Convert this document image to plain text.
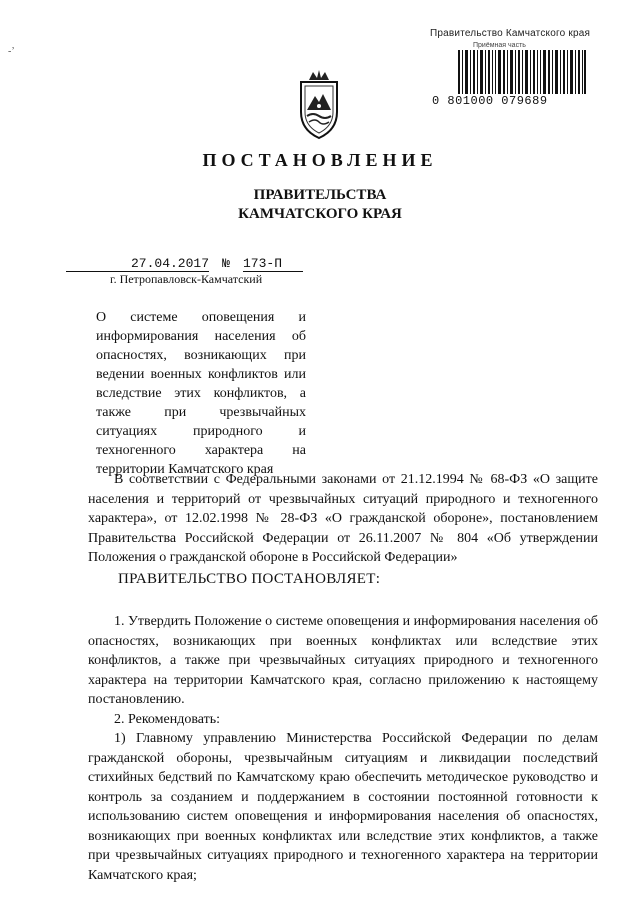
-’
Правительство Камчатского края
Приёмная часть
0 801000 079689
ПОСТАНОВЛЕНИЕ
ПРАВИТЕЛЬСТВА
КАМЧАТСКОГО КРАЯ
27.04.2017 № 173-П
г. Петропавловск-Камчатский
О системе оповещения и информирования населения об опасностях, возникающих при ведении военных конфликтов или вследствие этих конфликтов, а также при чрезвычайных ситуациях природного и техногенного характера на территории Камчатского края

В соответствии с Федеральными законами от 21.12.1994 № 68-ФЗ «О защите населения и территорий от чрезвычайных ситуаций природного и техногенного характера», от 12.02.1998 № 28-ФЗ «О гражданской обороне», постановлением Правительства Российской Федерации от 26.11.2007 № 804 «Об утверждении Положения о гражданской обороне в Российской Федерации»

ПРАВИТЕЛЬСТВО ПОСТАНОВЛЯЕТ:

1. Утвердить Положение о системе оповещения и информирования населения об опасностях, возникающих при военных конфликтах или вследствие этих конфликтов, а также при чрезвычайных ситуациях природного и техногенного характера на территории Камчатского края, согласно приложению к настоящему постановлению.

2. Рекомендовать:

1) Главному управлению Министерства Российской Федерации по делам гражданской обороны, чрезвычайным ситуациям и ликвидации последствий стихийных бедствий по Камчатскому краю обеспечить методическое руководство и контроль за созданием и поддержанием в состоянии постоянной готовности к использованию систем оповещения и информирования населения об опасностях, возникающих при военных конфликтах или вследствие этих конфликтов, а также при чрезвычайных ситуациях природного и техногенного характера на территории Камчатского края;
